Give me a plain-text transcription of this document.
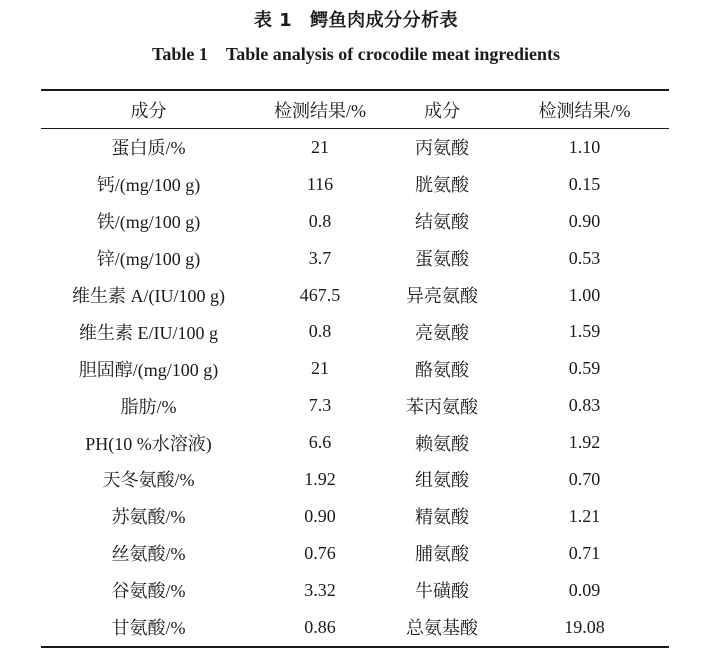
表 1 鳄鱼肉成分分析表
Table 1 Table analysis of crocodile meat ingredients
成分	检测结果/%	成分	检测结果/%
蛋白质/%	21	丙氨酸	1.10
钙/(mg/100 g)	116	胱氨酸	0.15
铁/(mg/100 g)	0.8	结氨酸	0.90
锌/(mg/100 g)	3.7	蛋氨酸	0.53
维生素 A/(IU/100 g)	467.5	异亮氨酸	1.00
维生素 E/IU/100 g	0.8	亮氨酸	1.59
胆固醇/(mg/100 g)	21	酪氨酸	0.59
脂肪/%	7.3	苯丙氨酸	0.83
PH(10 %水溶液)	6.6	赖氨酸	1.92
天冬氨酸/%	1.92	组氨酸	0.70
苏氨酸/%	0.90	精氨酸	1.21
丝氨酸/%	0.76	脯氨酸	0.71
谷氨酸/%	3.32	牛磺酸	0.09
甘氨酸/%	0.86	总氨基酸	19.08
